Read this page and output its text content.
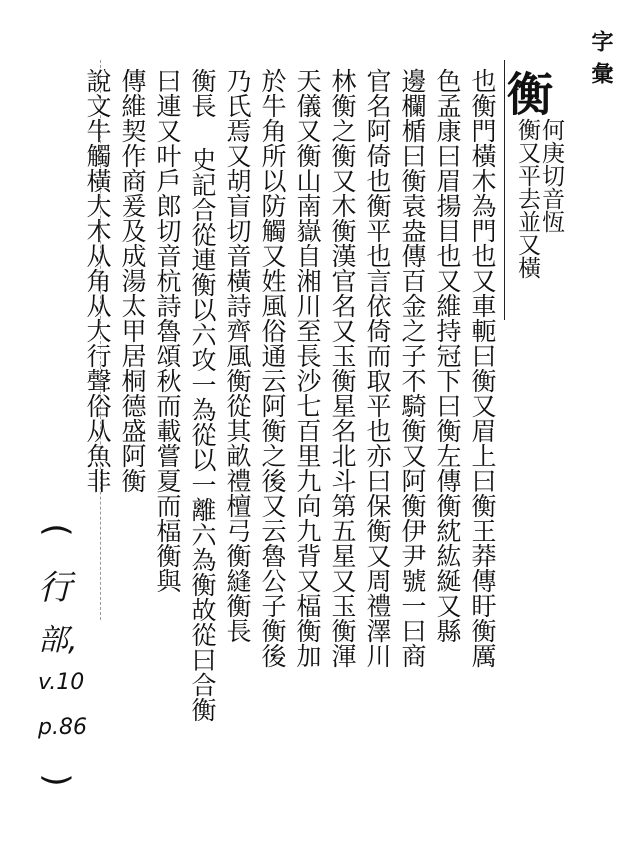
字彙
衡
何庚切音恆
衡又平去並又橫
也衡門橫木為門也又車軛曰衡又眉上曰衡王莽傳盱衡厲
色孟康曰眉揚目也又維持冠下曰衡左傳衡紞紘綖又縣
邊欄楯曰衡袁盎傳百金之子不騎衡又阿衡伊尹號一曰商
官名阿倚也衡平也言依倚而取平也亦曰保衡又周禮澤川
林衡之衡又木衡漢官名又玉衡星名北斗第五星又玉衡渾
天儀又衡山南嶽自湘川至長沙七百里九向九背又楅衡加
於牛角所以防觸又姓風俗通云阿衡之後又云魯公子衡後
乃氏焉又胡盲切音橫詩齊風衡從其畝禮檀弓衡縫衡長
衡長 史記合從連衡以六攻一為從以一離六為衡故從曰合衡
曰連又叶戶郎切音杭詩魯頌秋而載嘗夏而楅衡與
傳維契作商爰及成湯太甲居桐德盛阿衡
說文牛觸橫大木从角从大行聲俗从魚非
(
行
部,
v.10
p.86
)
